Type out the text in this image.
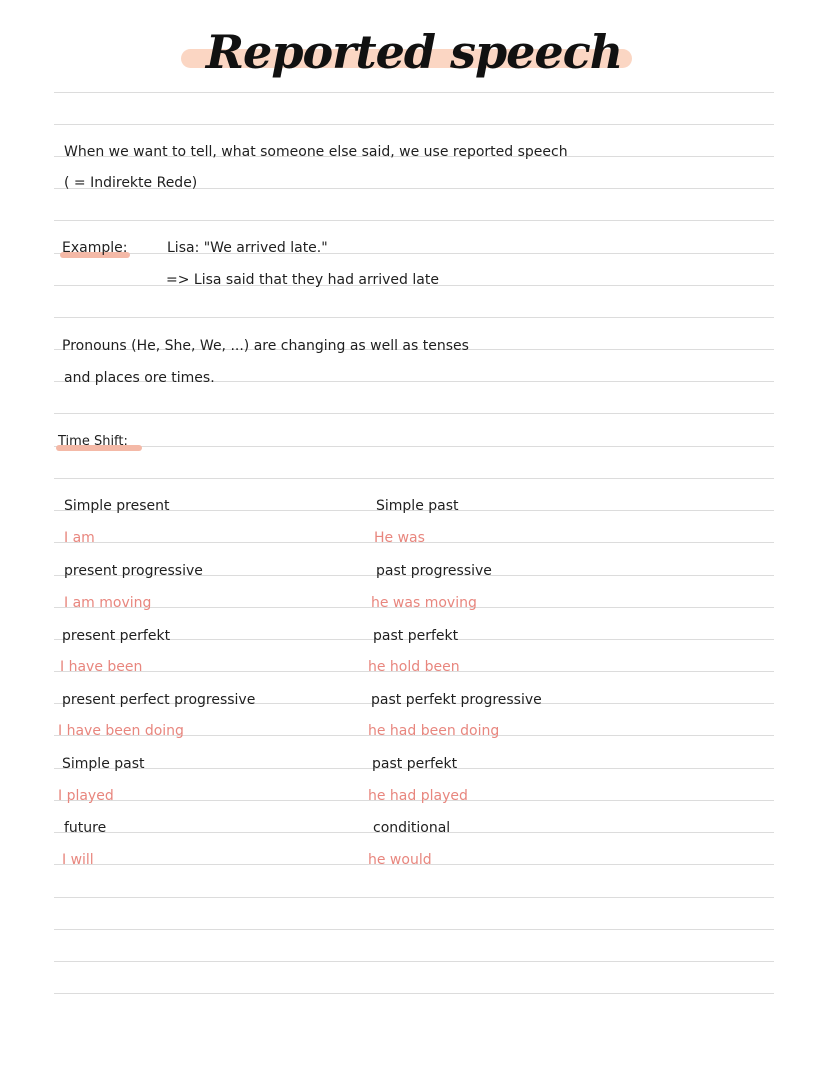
Reported speech
When we want to tell, what someone else said, we use reported speech
( = Indirekte Rede)
Example:	Lisa: "We arrived late."
=> Lisa said that they had arrived late
Pronouns (He, She, We, ...) are changing as well as tenses
and places ore times.
Time Shift:
Simple present	Simple past
I am	He was
present progressive	past progressive
I am moving	he was moving
present perfekt	past perfekt
I have been	he hold been
present perfect progressive	past perfekt progressive
I have been doing	he had been doing
Simple past	past perfekt
I played	he had played
future	conditional
I will	he would
